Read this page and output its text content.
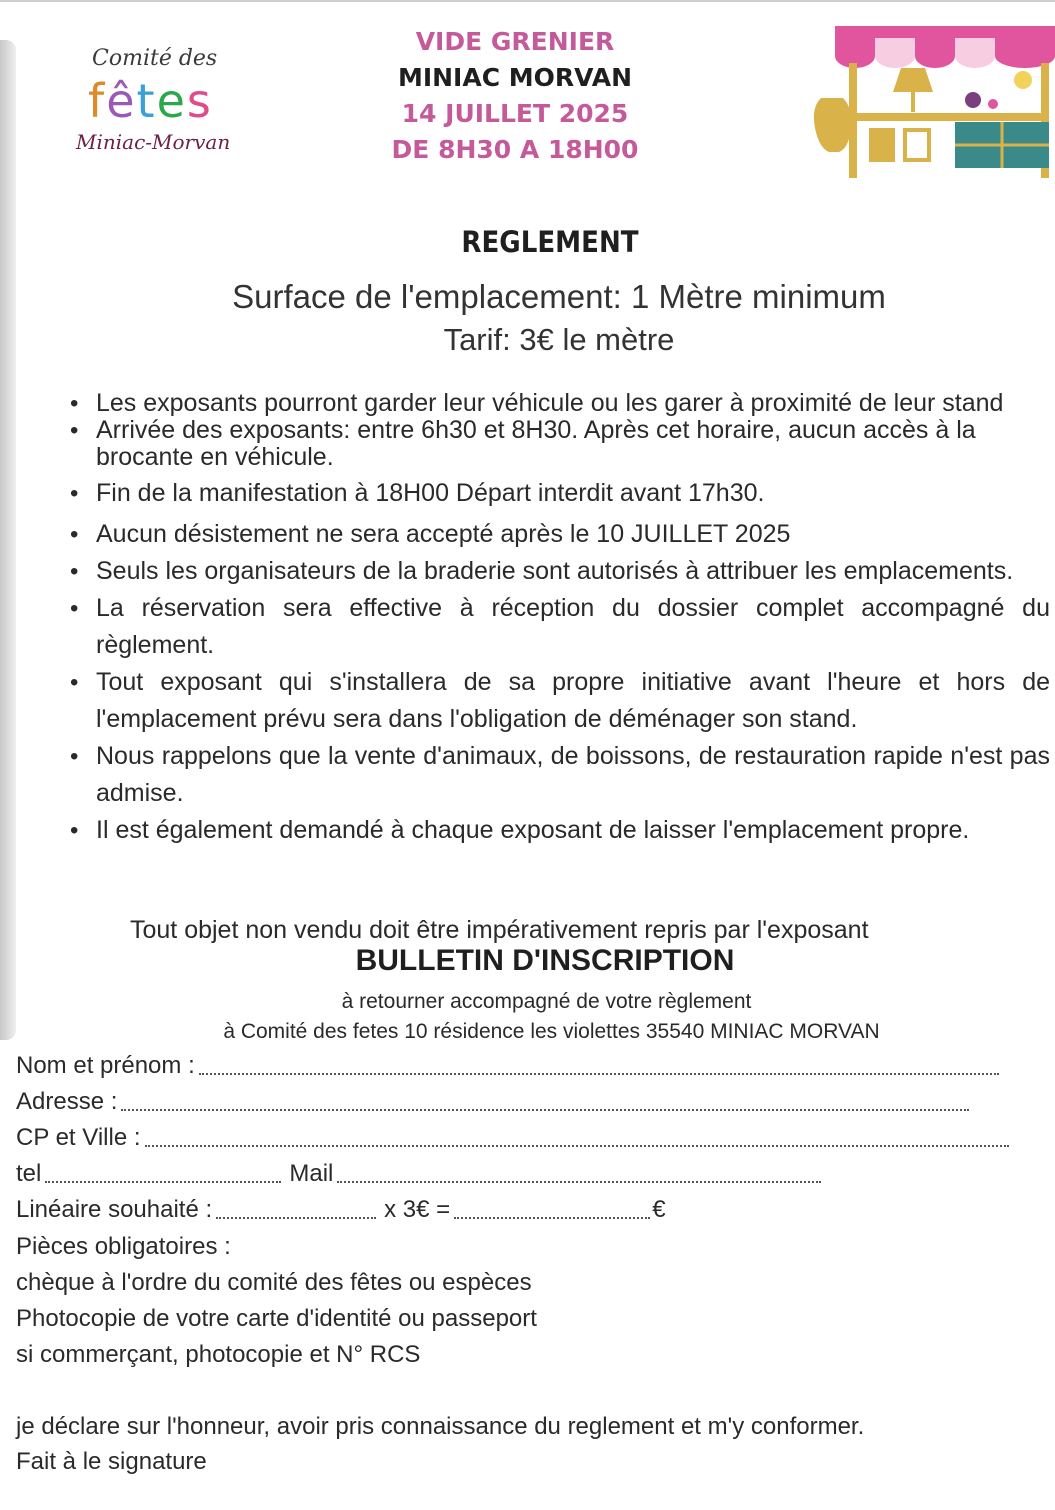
Comité des
fêtes
Miniac-Morvan
VIDE GRENIER
MINIAC MORVAN
14 JUILLET 2025
DE 8H30 A 18H00
REGLEMENT
Surface de l'emplacement: 1 Mètre minimum
Tarif: 3€ le mètre
• Les exposants pourront garder leur véhicule ou les garer à proximité de leur stand
• Arrivée des exposants: entre 6h30 et 8H30. Après cet horaire, aucun accès à la brocante en véhicule.
• Fin de la manifestation à 18H00 Départ interdit avant 17h30.
• Aucun désistement ne sera accepté après le 10 JUILLET 2025
• Seuls les organisateurs de la braderie sont autorisés à attribuer les emplacements.
• La réservation sera effective à réception du dossier complet accompagné du règlement.
• Tout exposant qui s'installera de sa propre initiative avant l'heure et hors de l'emplacement prévu sera dans l'obligation de déménager son stand.
• Nous rappelons que la vente d'animaux, de boissons, de restauration rapide n'est pas admise.
• Il est également demandé à chaque exposant de laisser l'emplacement propre.
Tout objet non vendu doit être impérativement repris par l'exposant
BULLETIN D'INSCRIPTION
à retourner accompagné de votre règlement
à Comité des fetes 10 résidence les violettes 35540 MINIAC MORVAN
Nom et prénom :
Adresse :
CP et Ville :
tel	Mail
Linéaire souhaité :	x 3€ =	€
Pièces obligatoires :
chèque à l'ordre du comité des fêtes ou espèces
Photocopie de votre carte d'identité ou passeport
si commerçant, photocopie et N° RCS
je déclare sur l'honneur, avoir pris connaissance du reglement et m'y conformer.
Fait à le signature
